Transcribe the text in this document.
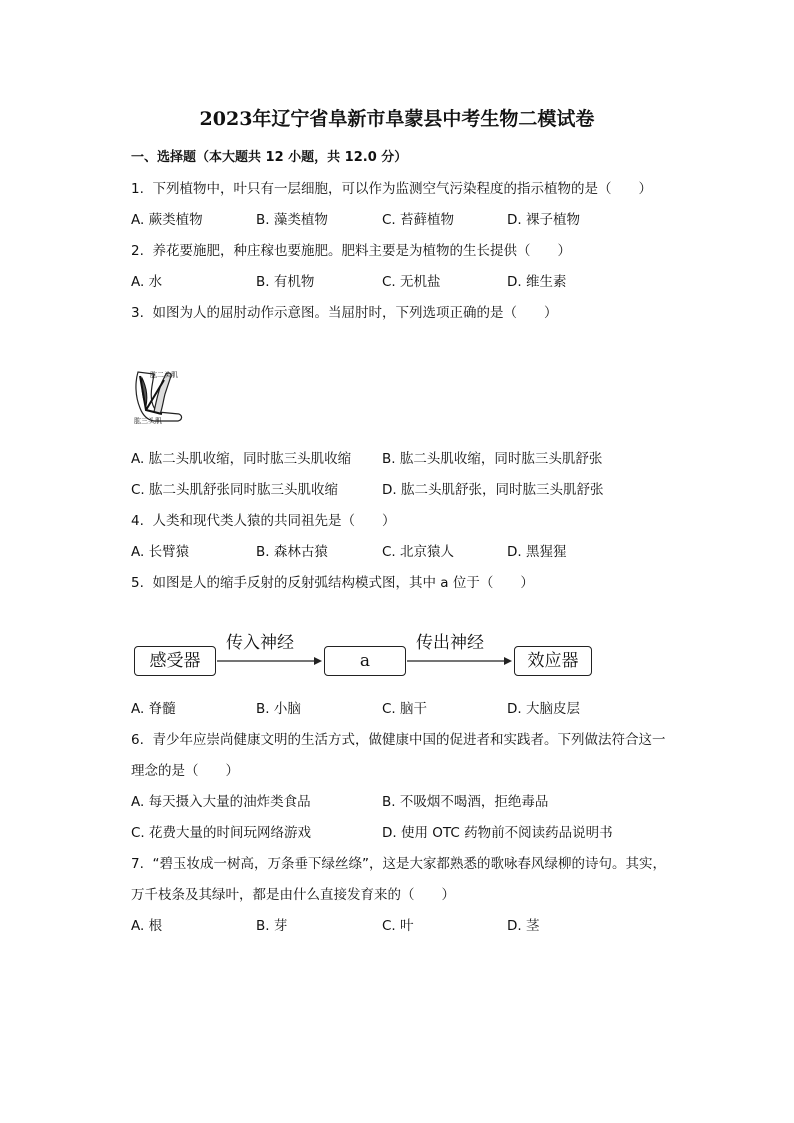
2023年辽宁省阜新市阜蒙县中考生物二模试卷
一、选择题（本大题共 12 小题，共 12.0 分）
1. 下列植物中，叶只有一层细胞，可以作为监测空气污染程度的指示植物的是（　　）
A. 蕨类植物	B. 藻类植物	C. 苔藓植物	D. 裸子植物
2. 养花要施肥，种庄稼也要施肥。肥料主要是为植物的生长提供（　　）
A. 水	B. 有机物	C. 无机盐	D. 维生素
3. 如图为人的屈肘动作示意图。当屈肘时，下列选项正确的是（　　）
肱二头肌
肱三头肌
A. 肱二头肌收缩，同时肱三头肌收缩 B. 肱二头肌收缩，同时肱三头肌舒张
C. 肱二头肌舒张同时肱三头肌收缩	D. 肱二头肌舒张，同时肱三头肌舒张
4. 人类和现代类人猿的共同祖先是（　　）
A. 长臂猿	B. 森林古猿	C. 北京猿人	D. 黑猩猩
5. 如图是人的缩手反射的反射弧结构模式图，其中 a 位于（　　）
感受器
传入神经
a
传出神经
效应器
A. 脊髓	B. 小脑	C. 脑干	D. 大脑皮层
6. 青少年应崇尚健康文明的生活方式，做健康中国的促进者和实践者。下列做法符合这一
理念的是（　　）
A. 每天摄入大量的油炸类食品	B. 不吸烟不喝酒，拒绝毒品
C. 花费大量的时间玩网络游戏	D. 使用 OTC 药物前不阅读药品说明书
7. “碧玉妆成一树高，万条垂下绿丝绦”，这是大家都熟悉的歌咏春风绿柳的诗句。其实，
万千枝条及其绿叶，都是由什么直接发育来的（　　）
A. 根	B. 芽	C. 叶	D. 茎
